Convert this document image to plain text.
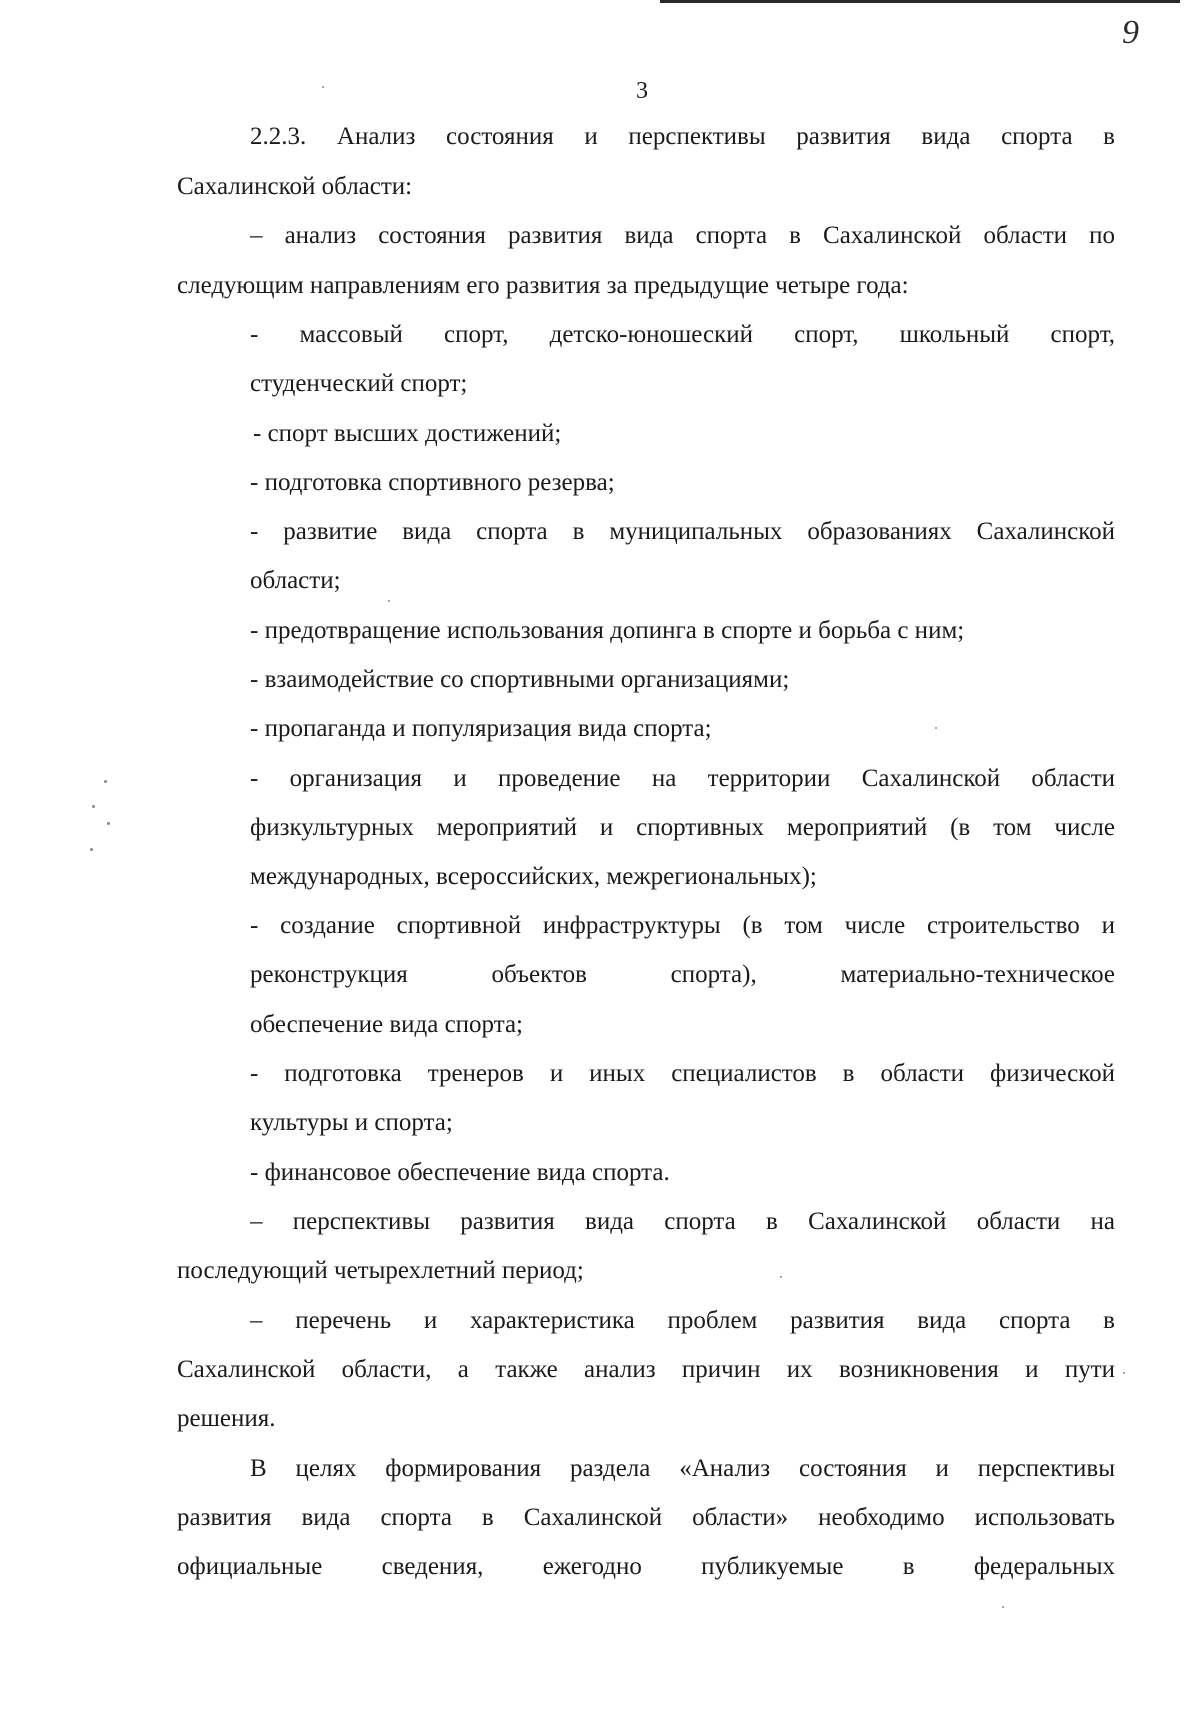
9
3
2.2.3. Анализ состояния и перспективы развития вида спорта в
Сахалинской области:
– анализ состояния развития вида спорта в Сахалинской области по
следующим направлениям его развития за предыдущие четыре года:
- массовый спорт, детско-юношеский спорт, школьный спорт,
студенческий спорт;
- спорт высших достижений;
- подготовка спортивного резерва;
- развитие вида спорта в муниципальных образованиях Сахалинской
области;
- предотвращение использования допинга в спорте и борьба с ним;
- взаимодействие со спортивными организациями;
- пропаганда и популяризация вида спорта;
- организация и проведение на территории Сахалинской области
физкультурных мероприятий и спортивных мероприятий (в том числе
международных, всероссийских, межрегиональных);
- создание спортивной инфраструктуры (в том числе строительство и
реконструкция объектов спорта), материально-техническое
обеспечение вида спорта;
- подготовка тренеров и иных специалистов в области физической
культуры и спорта;
- финансовое обеспечение вида спорта.
– перспективы развития вида спорта в Сахалинской области на
последующий четырехлетний период;
– перечень и характеристика проблем развития вида спорта в
Сахалинской области, а также анализ причин их возникновения и пути
решения.
В целях формирования раздела «Анализ состояния и перспективы
развития вида спорта в Сахалинской области» необходимо использовать
официальные сведения, ежегодно публикуемые в федеральных
